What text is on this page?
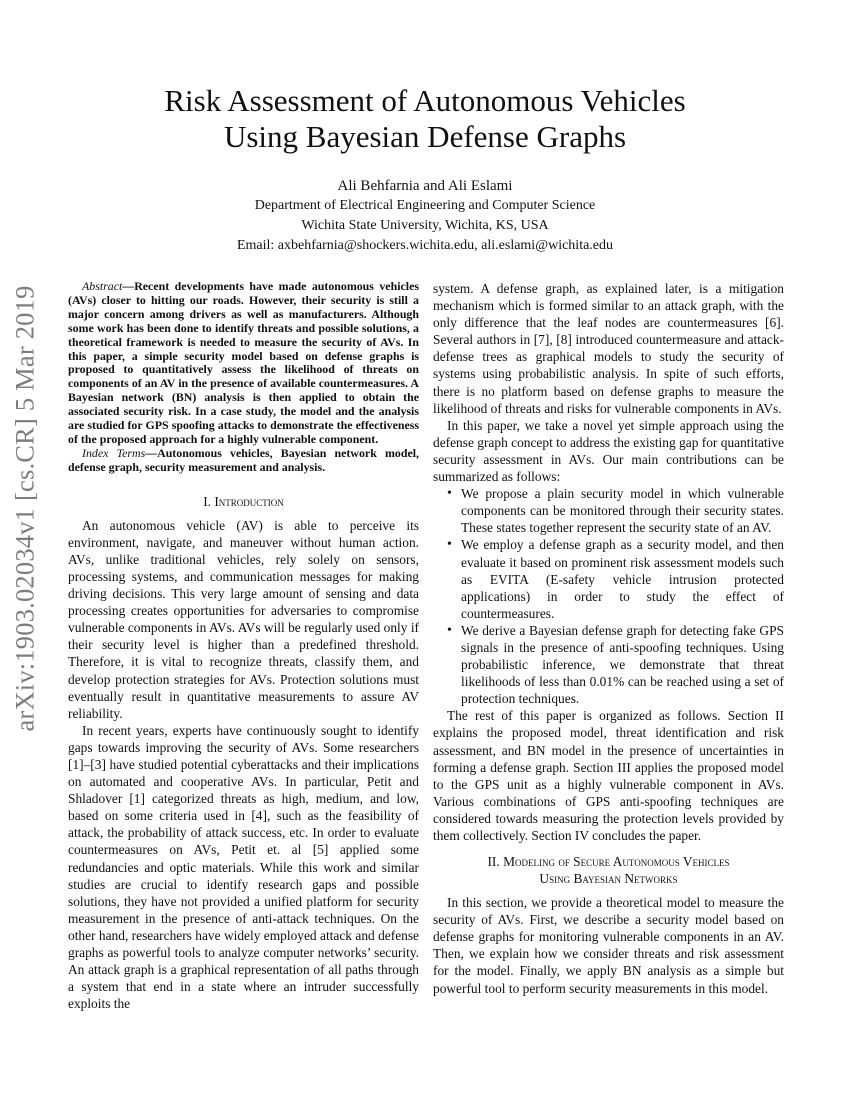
arXiv:1903.02034v1 [cs.CR] 5 Mar 2019
Risk Assessment of Autonomous Vehicles
Using Bayesian Defense Graphs
Ali Behfarnia and Ali Eslami
Department of Electrical Engineering and Computer Science
Wichita State University, Wichita, KS, USA
Email: axbehfarnia@shockers.wichita.edu, ali.eslami@wichita.edu

Abstract—Recent developments have made autonomous vehicles (AVs) closer to hitting our roads. However, their security is still a major concern among drivers as well as manufacturers. Although some work has been done to identify threats and possible solutions, a theoretical framework is needed to measure the security of AVs. In this paper, a simple security model based on defense graphs is proposed to quantitatively assess the likelihood of threats on components of an AV in the presence of available countermeasures. A Bayesian network (BN) analysis is then applied to obtain the associated security risk. In a case study, the model and the analysis are studied for GPS spoofing attacks to demonstrate the effectiveness of the proposed approach for a highly vulnerable component.

Index Terms—Autonomous vehicles, Bayesian network model, defense graph, security measurement and analysis.

I. Introduction

An autonomous vehicle (AV) is able to perceive its environment, navigate, and maneuver without human action. AVs, unlike traditional vehicles, rely solely on sensors, processing systems, and communication messages for making driving decisions. This very large amount of sensing and data processing creates opportunities for adversaries to compromise vulnerable components in AVs. AVs will be regularly used only if their security level is higher than a predefined threshold. Therefore, it is vital to recognize threats, classify them, and develop protection strategies for AVs. Protection solutions must eventually result in quantitative measurements to assure AV reliability.

In recent years, experts have continuously sought to identify gaps towards improving the security of AVs. Some researchers [1]–[3] have studied potential cyberattacks and their implications on automated and cooperative AVs. In particular, Petit and Shladover [1] categorized threats as high, medium, and low, based on some criteria used in [4], such as the feasibility of attack, the probability of attack success, etc. In order to evaluate countermeasures on AVs, Petit et. al [5] applied some redundancies and optic materials. While this work and similar studies are crucial to identify research gaps and possible solutions, they have not provided a unified platform for security measurement in the presence of anti-attack techniques. On the other hand, researchers have widely employed attack and defense graphs as powerful tools to analyze computer networks’ security. An attack graph is a graphical representation of all paths through a system that end in a state where an intruder successfully exploits the

system. A defense graph, as explained later, is a mitigation mechanism which is formed similar to an attack graph, with the only difference that the leaf nodes are countermeasures [6]. Several authors in [7], [8] introduced countermeasure and attack-defense trees as graphical models to study the security of systems using probabilistic analysis. In spite of such efforts, there is no platform based on defense graphs to measure the likelihood of threats and risks for vulnerable components in AVs.

In this paper, we take a novel yet simple approach using the defense graph concept to address the existing gap for quantitative security assessment in AVs. Our main contributions can be summarized as follows:

• We propose a plain security model in which vulnerable components can be monitored through their security states. These states together represent the security state of an AV.
• We employ a defense graph as a security model, and then evaluate it based on prominent risk assessment models such as EVITA (E-safety vehicle intrusion protected applications) in order to study the effect of countermeasures.
• We derive a Bayesian defense graph for detecting fake GPS signals in the presence of anti-spoofing techniques. Using probabilistic inference, we demonstrate that threat likelihoods of less than 0.01% can be reached using a set of protection techniques.

The rest of this paper is organized as follows. Section II explains the proposed model, threat identification and risk assessment, and BN model in the presence of uncertainties in forming a defense graph. Section III applies the proposed model to the GPS unit as a highly vulnerable component in AVs. Various combinations of GPS anti-spoofing techniques are considered towards measuring the protection levels provided by them collectively. Section IV concludes the paper.

II. Modeling of Secure Autonomous Vehicles
Using Bayesian Networks

In this section, we provide a theoretical model to measure the security of AVs. First, we describe a security model based on defense graphs for monitoring vulnerable components in an AV. Then, we explain how we consider threats and risk assessment for the model. Finally, we apply BN analysis as a simple but powerful tool to perform security measurements in this model.
